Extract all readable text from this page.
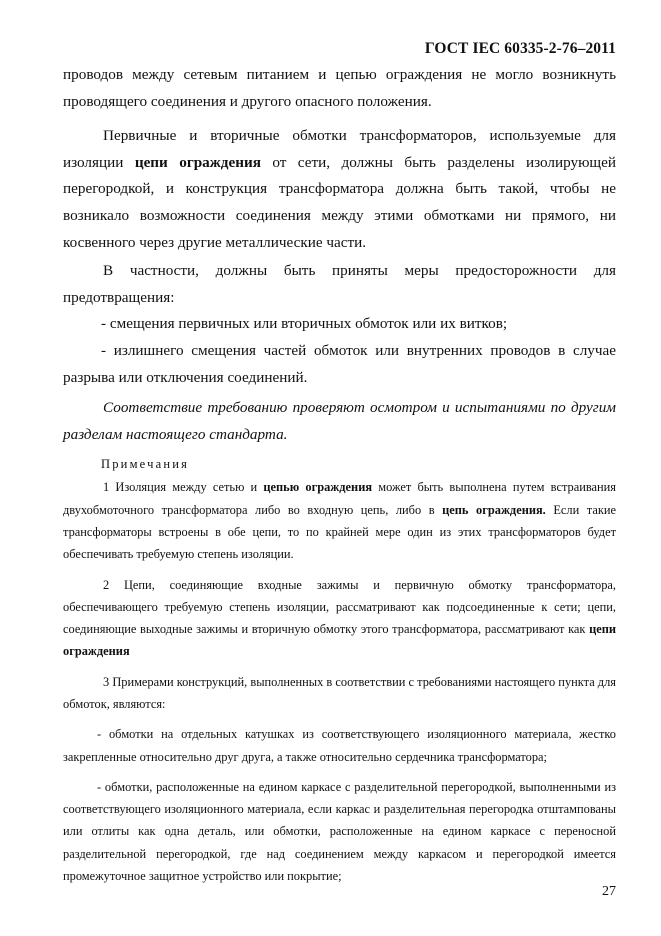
ГОСТ IEC 60335-2-76–2011

проводов между сетевым питанием и цепью ограждения не могло возникнуть проводящего соединения и другого опасного положения.

Первичные и вторичные обмотки трансформаторов, используемые для изоляции цепи ограждения от сети, должны быть разделены изолирующей перегородкой, и конструкция трансформатора должна быть такой, чтобы не возникало возможности соединения между этими обмотками ни прямого, ни косвенного через другие металлические части.

В частности, должны быть приняты меры предосторожности для предотвращения:

- смещения первичных или вторичных обмоток или их витков;

- излишнего смещения частей обмоток или внутренних проводов в случае разрыва или отключения соединений.

Соответствие требованию проверяют осмотром и испытаниями по другим разделам настоящего стандарта.

Примечания

1 Изоляция между сетью и цепью ограждения может быть выполнена путем встраивания двухобмоточного трансформатора либо во входную цепь, либо в цепь ограждения. Если такие трансформаторы встроены в обе цепи, то по крайней мере один из этих трансформаторов будет обеспечивать требуемую степень изоляции.

2 Цепи, соединяющие входные зажимы и первичную обмотку трансформатора, обеспечивающего требуемую степень изоляции, рассматривают как подсоединенные к сети; цепи, соединяющие выходные зажимы и вторичную обмотку этого трансформатора, рассматривают как цепи ограждения

3 Примерами конструкций, выполненных в соответствии с требованиями настоящего пункта для обмоток, являются:

- обмотки на отдельных катушках из соответствующего изоляционного материала, жестко закрепленные относительно друг друга, а также относительно сердечника трансформатора;

- обмотки, расположенные на едином каркасе с разделительной перегородкой, выполненными из соответствующего изоляционного материала, если каркас и разделительная перегородка отштампованы или отлиты как одна деталь, или обмотки, расположенные на едином каркасе с переносной разделительной перегородкой, где над соединением между каркасом и перегородкой имеется промежуточное защитное устройство или покрытие;

27
